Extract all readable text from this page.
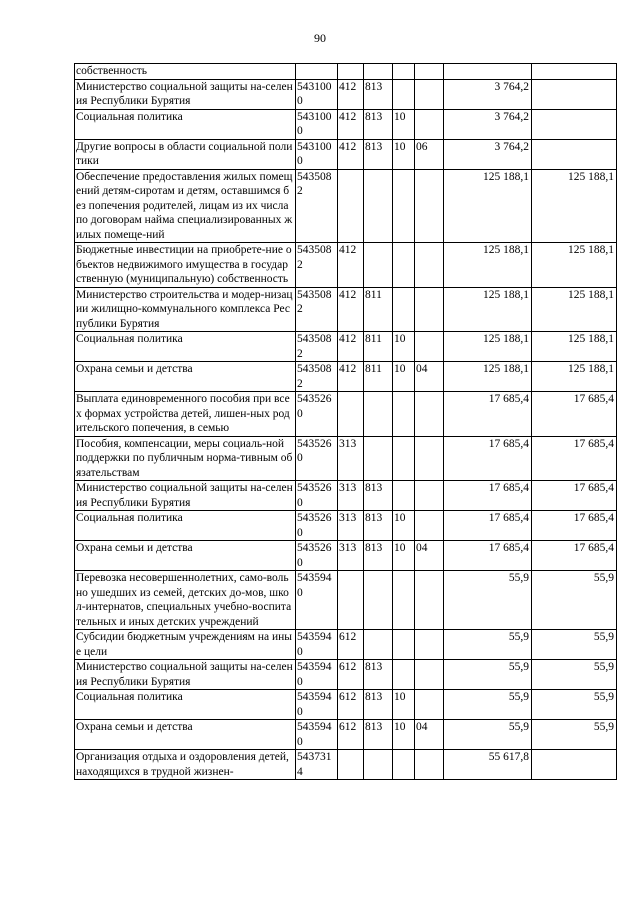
90
собственность							
Министерство социальной защиты на-селения Республики Бурятия	5431000	412	813			3 764,2	
Социальная политика	5431000	412	813	10		3 764,2	
Другие вопросы в области социальной политики	5431000	412	813	10	06	3 764,2	
Обеспечение предоставления жилых помещений детям-сиротам и детям, оставшимся без попечения родителей, лицам из их числа по договорам найма специализированных жилых помеще-ний	5435082					125 188,1	125 188,1
Бюджетные инвестиции на приобрете-ние объектов недвижимого имущества в государственную (муниципальную) собственность	5435082	412				125 188,1	125 188,1
Министерство строительства и модер-низации жилищно-коммунального комплекса Республики Бурятия	5435082	412	811			125 188,1	125 188,1
Социальная политика	5435082	412	811	10		125 188,1	125 188,1
Охрана семьи и детства	5435082	412	811	10	04	125 188,1	125 188,1
Выплата единовременного пособия при всех формах устройства детей, лишен-ных родительского попечения, в семью	5435260					17 685,4	17 685,4
Пособия, компенсации, меры социаль-ной поддержки по публичным норма-тивным обязательствам	5435260	313				17 685,4	17 685,4
Министерство социальной защиты на-селения Республики Бурятия	5435260	313	813			17 685,4	17 685,4
Социальная политика	5435260	313	813	10		17 685,4	17 685,4
Охрана семьи и детства	5435260	313	813	10	04	17 685,4	17 685,4
Перевозка несовершеннолетних, само-вольно ушедших из семей, детских до-мов, школ-интернатов, специальных учебно-воспитательных и иных детских учреждений	5435940					55,9	55,9
Субсидии бюджетным учреждениям на иные цели	5435940	612				55,9	55,9
Министерство социальной защиты на-селения Республики Бурятия	5435940	612	813			55,9	55,9
Социальная политика	5435940	612	813	10		55,9	55,9
Охрана семьи и детства	5435940	612	813	10	04	55,9	55,9
Организация отдыха и оздоровления детей, находящихся в трудной жизнен-	5437314					55 617,8	
